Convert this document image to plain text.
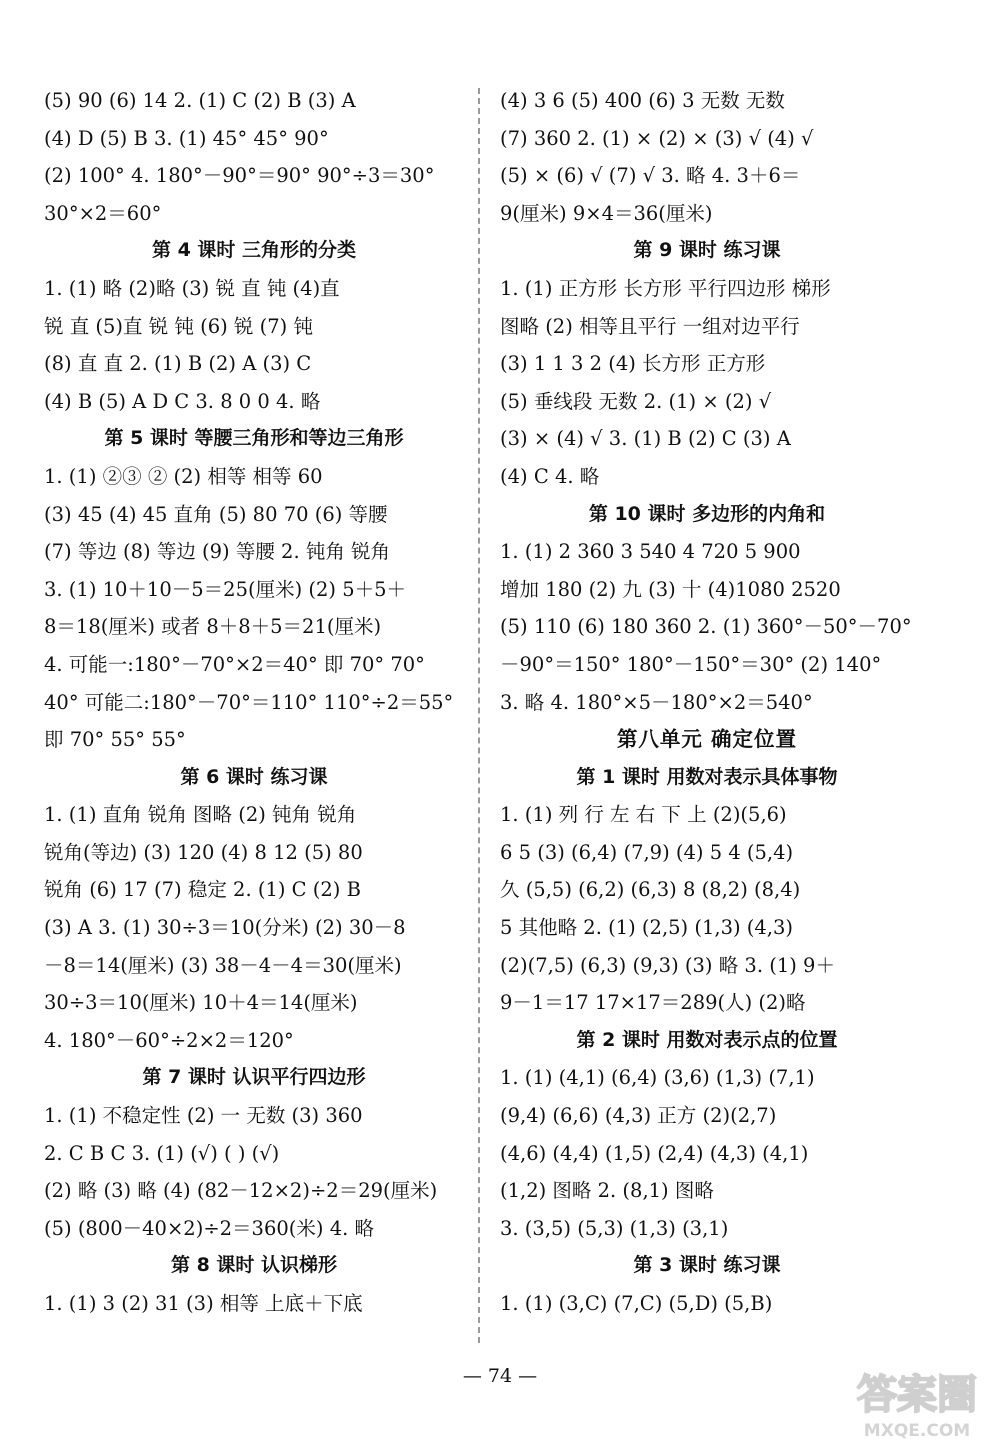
(5) 90 (6) 14 2. (1) C (2) B (3) A
(4) D (5) B 3. (1) 45° 45° 90°
(2) 100° 4. 180°－90°＝90° 90°÷3＝30°
30°×2＝60°
第 4 课时 三角形的分类
1. (1) 略 (2)略 (3) 锐 直 钝 (4)直
锐 直 (5)直 锐 钝 (6) 锐 (7) 钝
(8) 直 直 2. (1) B (2) A (3) C
(4) B (5) A D C 3. 8 0 0 4. 略
第 5 课时 等腰三角形和等边三角形
1. (1) ②③ ② (2) 相等 相等 60
(3) 45 (4) 45 直角 (5) 80 70 (6) 等腰
(7) 等边 (8) 等边 (9) 等腰 2. 钝角 锐角
3. (1) 10＋10－5＝25(厘米) (2) 5＋5＋
8＝18(厘米) 或者 8＋8＋5＝21(厘米)
4. 可能一:180°－70°×2＝40° 即 70° 70°
40° 可能二:180°－70°＝110° 110°÷2＝55°
即 70° 55° 55°
第 6 课时 练习课
1. (1) 直角 锐角 图略 (2) 钝角 锐角
锐角(等边) (3) 120 (4) 8 12 (5) 80
锐角 (6) 17 (7) 稳定 2. (1) C (2) B
(3) A 3. (1) 30÷3＝10(分米) (2) 30－8
－8＝14(厘米) (3) 38－4－4＝30(厘米)
30÷3＝10(厘米) 10＋4＝14(厘米)
4. 180°－60°÷2×2＝120°
第 7 课时 认识平行四边形
1. (1) 不稳定性 (2) 一 无数 (3) 360
2. C B C 3. (1) (√) ( ) (√)
(2) 略 (3) 略 (4) (82－12×2)÷2＝29(厘米)
(5) (800－40×2)÷2＝360(米) 4. 略
第 8 课时 认识梯形
1. (1) 3 (2) 31 (3) 相等 上底＋下底
(4) 3 6 (5) 400 (6) 3 无数 无数
(7) 360 2. (1) × (2) × (3) √ (4) √
(5) × (6) √ (7) √ 3. 略 4. 3＋6＝
9(厘米) 9×4＝36(厘米)
第 9 课时 练习课
1. (1) 正方形 长方形 平行四边形 梯形
图略 (2) 相等且平行 一组对边平行
(3) 1 1 3 2 (4) 长方形 正方形
(5) 垂线段 无数 2. (1) × (2) √
(3) × (4) √ 3. (1) B (2) C (3) A
(4) C 4. 略
第 10 课时 多边形的内角和
1. (1) 2 360 3 540 4 720 5 900
增加 180 (2) 九 (3) 十 (4)1080 2520
(5) 110 (6) 180 360 2. (1) 360°－50°－70°
－90°＝150° 180°－150°＝30° (2) 140°
3. 略 4. 180°×5－180°×2＝540°
第八单元 确定位置
第 1 课时 用数对表示具体事物
1. (1) 列 行 左 右 下 上 (2)(5,6)
6 5 (3) (6,4) (7,9) (4) 5 4 (5,4)
久 (5,5) (6,2) (6,3) 8 (8,2) (8,4)
5 其他略 2. (1) (2,5) (1,3) (4,3)
(2)(7,5) (6,3) (9,3) (3) 略 3. (1) 9＋
9－1＝17 17×17＝289(人) (2)略
第 2 课时 用数对表示点的位置
1. (1) (4,1) (6,4) (3,6) (1,3) (7,1)
(9,4) (6,6) (4,3) 正方 (2)(2,7)
(4,6) (4,4) (1,5) (2,4) (4,3) (4,1)
(1,2) 图略 2. (8,1) 图略
3. (3,5) (5,3) (1,3) (3,1)
第 3 课时 练习课
1. (1) (3,C) (7,C) (5,D) (5,B)
— 74 —	答案圈
MXQE.COM
